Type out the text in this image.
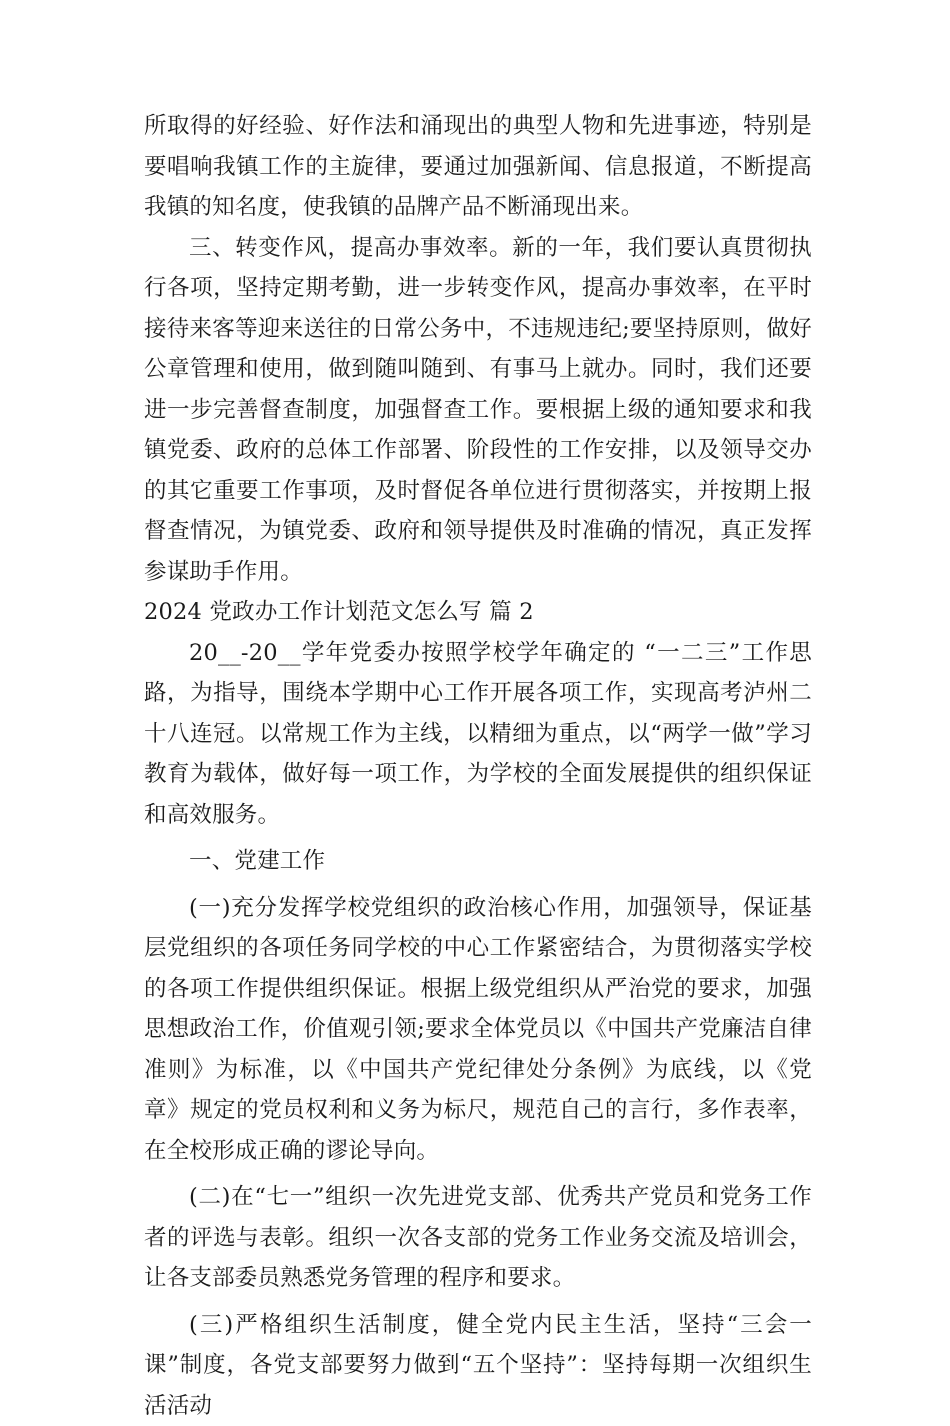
所取得的好经验、好作法和涌现出的典型人物和先进事迹，特别是要唱响我镇工作的主旋律，要通过加强新闻、信息报道，不断提高我镇的知名度，使我镇的品牌产品不断涌现出来。

三、转变作风，提高办事效率。新的一年，我们要认真贯彻执行各项，坚持定期考勤，进一步转变作风，提高办事效率，在平时接待来客等迎来送往的日常公务中，不违规违纪;要坚持原则，做好公章管理和使用，做到随叫随到、有事马上就办。同时，我们还要进一步完善督查制度，加强督查工作。要根据上级的通知要求和我镇党委、政府的总体工作部署、阶段性的工作安排，以及领导交办的其它重要工作事项，及时督促各单位进行贯彻落实，并按期上报督查情况，为镇党委、政府和领导提供及时准确的情况，真正发挥参谋助手作用。

2024 党政办工作计划范文怎么写 篇 2

20__-20__学年党委办按照学校学年确定的 “一二三”工作思路，为指导，围绕本学期中心工作开展各项工作，实现高考泸州二十八连冠。以常规工作为主线，以精细为重点，以“两学一做”学习教育为载体，做好每一项工作，为学校的全面发展提供的组织保证和高效服务。

一、党建工作

(一)充分发挥学校党组织的政治核心作用，加强领导，保证基层党组织的各项任务同学校的中心工作紧密结合，为贯彻落实学校的各项工作提供组织保证。根据上级党组织从严治党的要求，加强思想政治工作，价值观引领;要求全体党员以《中国共产党廉洁自律准则》为标准，以《中国共产党纪律处分条例》为底线，以《党章》规定的党员权利和义务为标尺，规范自己的言行，多作表率，在全校形成正确的谬论导向。

(二)在“七一”组织一次先进党支部、优秀共产党员和党务工作者的评选与表彰。组织一次各支部的党务工作业务交流及培训会，让各支部委员熟悉党务管理的程序和要求。

(三)严格组织生活制度，健全党内民主生活，坚持“三会一课”制度，各党支部要努力做到“五个坚持”：坚持每期一次组织生活活动
